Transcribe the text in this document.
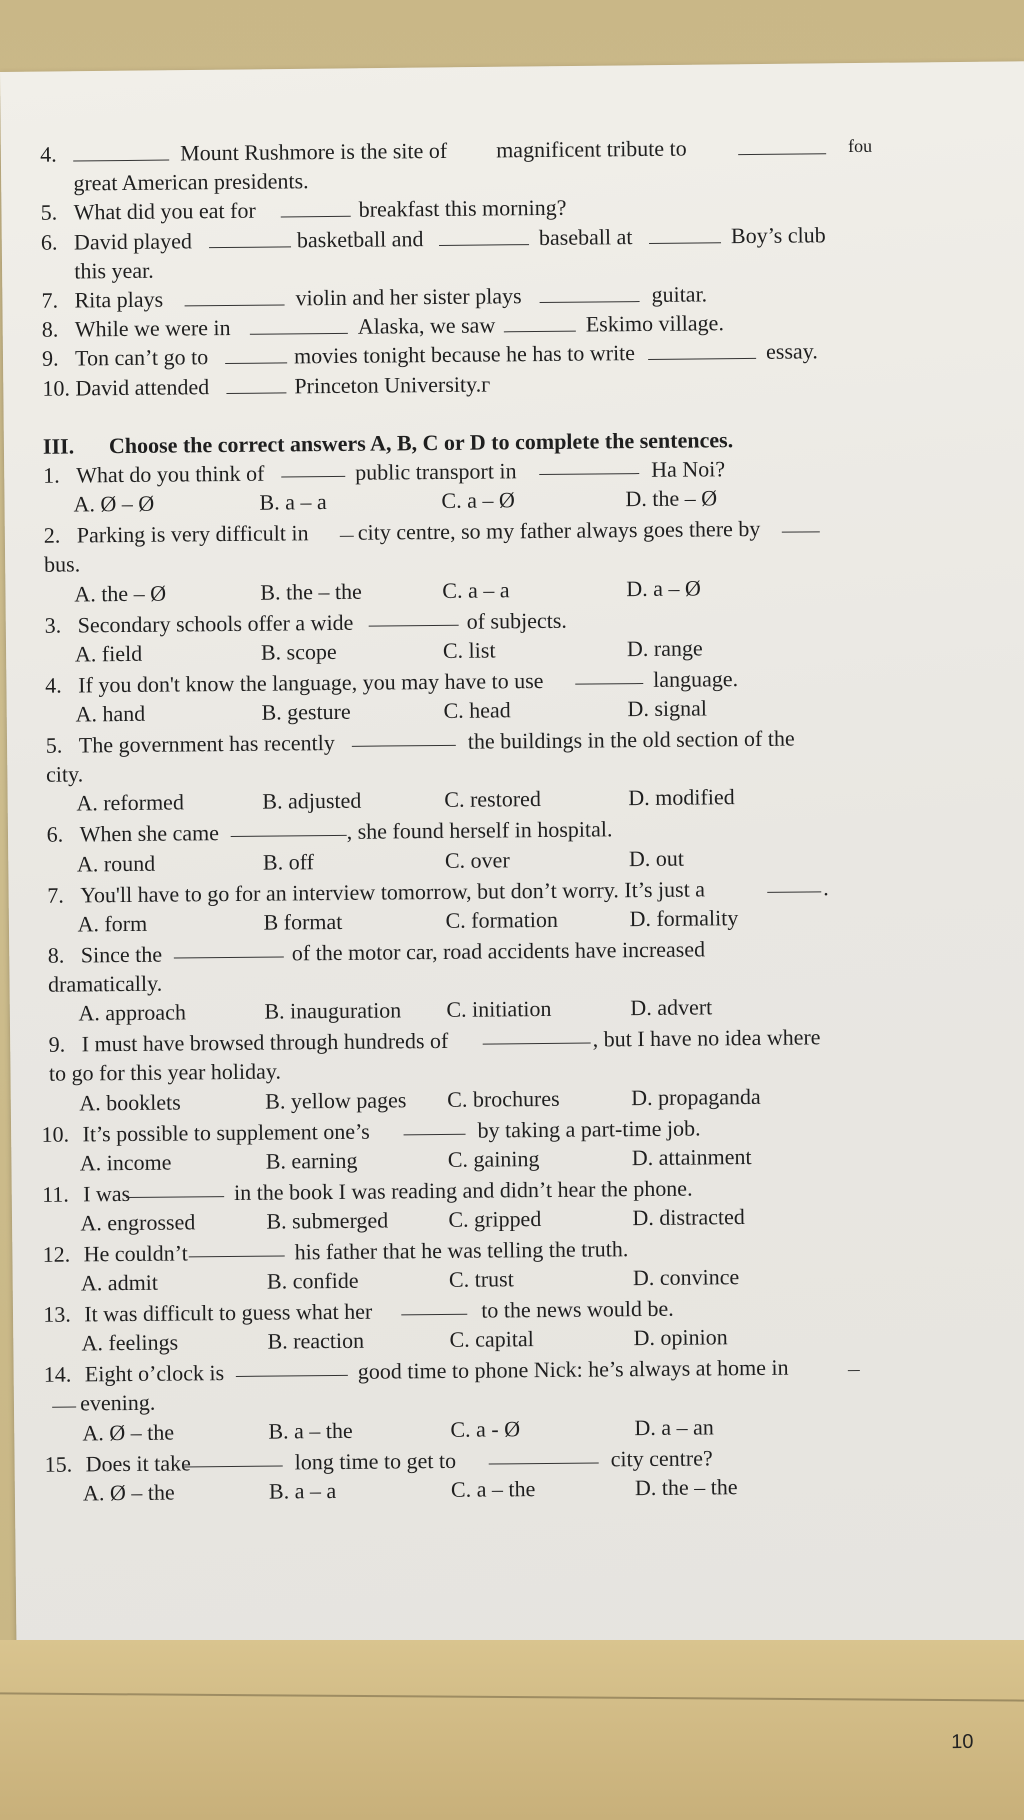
4.	Mount Rushmore is the site of magnificent tribute to	fou
great American presidents.
5. What did you eat for	breakfast this morning?
6. David played	basketball and	baseball at	Boy’s club
this year.
7. Rita plays	violin and her sister plays	guitar.
8. While we were in	Alaska, we saw	Eskimo village.
9. Ton can’t go to	movies tonight because he has to write	essay.
10. David attended	Princeton University.г
III. Choose the correct answers A, B, C or D to complete the sentences.
1. What do you think of	public transport in	Ha Noi?
A. Ø – Ø	B. a – a	C. a – Ø	D. the – Ø
2. Parking is very difficult in city centre, so my father always goes there by
bus.
A. the – Ø	B. the – the	C. a – a	D. a – Ø
3. Secondary schools offer a wide	of subjects.
A. field	B. scope	C. list	D. range
4. If you don't know the language, you may have to use	language.
A. hand	B. gesture	C. head	D. signal
5. The government has recently	the buildings in the old section of the
city.
A. reformed	B. adjusted	C. restored	D. modified
6. When she came	, she found herself in hospital.
A. round	B. off	C. over	D. out
7. You'll have to go for an interview tomorrow, but don’t worry. It’s just a	.
A. form	B format	C. formation	D. formality
8. Since the	of the motor car, road accidents have increased
dramatically.
A. approach	B. inauguration C. initiation	D. advert
9. I must have browsed through hundreds of	, but I have no idea where
to go for this year holiday.
A. booklets	B. yellow pages C. brochures	D. propaganda
10. It’s possible to supplement one’s	by taking a part-time job.
A. income	B. earning	C. gaining	D. attainment
11. I was	in the book I was reading and didn’t hear the phone.
A. engrossed	B. submerged	C. gripped	D. distracted
12. He couldn’t	his father that he was telling the truth.
A. admit	B. confide	C. trust	D. convince
13. It was difficult to guess what her	to the news would be.
A. feelings	B. reaction	C. capital	D. opinion
14. Eight o’clock is	good time to phone Nick: he’s always at home in
evening.
A. Ø – the	B. a – the	C. a - Ø	D. a – an
15. Does it take	long time to get to	city centre?
A. Ø – the	B. a – a	C. a – the	D. the – the
10
